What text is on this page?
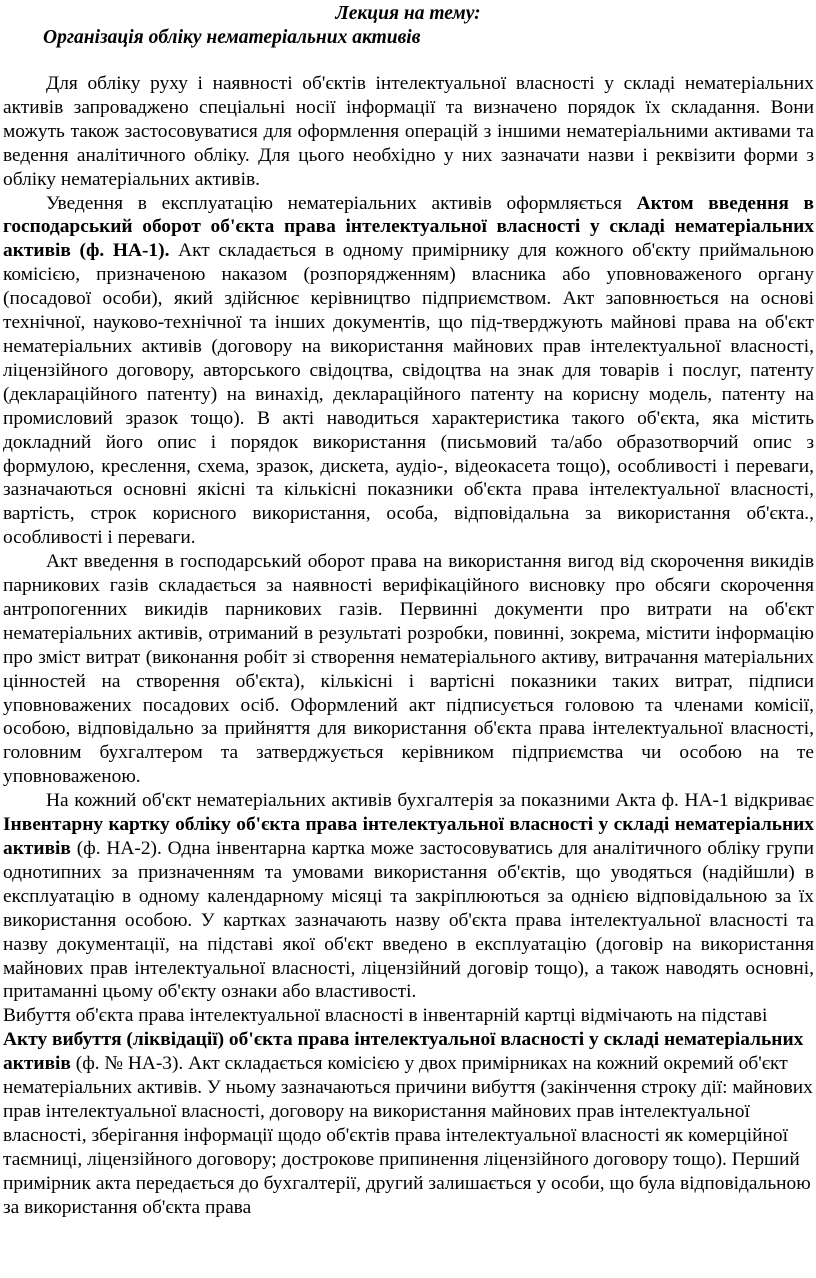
Лекция на тему:
Організація обліку нематеріальних активів

Для обліку руху і наявності об'єктів інтелектуальної власності у складі нематеріальних активів запроваджено спеціальні носії інформації та визначено порядок їх складання. Вони можуть також застосовуватися для оформлення операцій з іншими нематеріальними активами та ведення аналітичного обліку. Для цього необхідно у них зазначати назви і реквізити форми з обліку нематеріальних активів.

Уведення в експлуатацію нематеріальних активів оформляється Актом введення в господарський оборот об'єкта права інтелектуальної власності у складі нематеріальних активів (ф. НА-1). Акт складається в одному примірнику для кожного об'єкту приймальною комісією, призначеною наказом (розпорядженням) власника або уповноваженого органу (посадової особи), який здійснює керівництво підприємством. Акт заповнюється на основі технічної, науково-технічної та інших документів, що під-тверджують майнові права на об'єкт нематеріальних активів (договору на використання майнових прав інтелектуальної власності, ліцензійного договору, авторського свідоцтва, свідоцтва на знак для товарів і послуг, патенту (деклараційного патенту) на винахід, деклараційного патенту на корисну модель, патенту на промисловий зразок тощо). В акті наводиться характеристика такого об'єкта, яка містить докладний його опис і порядок використання (письмовий та/або образотворчий опис з формулою, креслення, схема, зразок, дискета, аудіо-, відеокасета тощо), особливості і переваги, зазначаються основні якісні та кількісні показники об'єкта права інтелектуальної власності, вартість, строк корисного використання, особа, відповідальна за використання об'єкта., особливості і переваги.

Акт введення в господарський оборот права на використання вигод від скорочення викидів парникових газів складається за наявності верифікаційного висновку про обсяги скорочення антропогенних викидів парникових газів. Первинні документи про витрати на об'єкт нематеріальних активів, отриманий в результаті розробки, повинні, зокрема, містити інформацію про зміст витрат (виконання робіт зі створення нематеріального активу, витрачання матеріальних цінностей на створення об'єкта), кількісні і вартісні показники таких витрат, підписи уповноважених посадових осіб. Оформлений акт підписується головою та членами комісії, особою, відповідально за прийняття для використання об'єкта права інтелектуальної власності, головним бухгалтером та затверджується керівником підприємства чи особою на те уповноваженою.

На кожний об'єкт нематеріальних активів бухгалтерія за показними Акта ф. НА-1 відкриває Інвентарну картку обліку об'єкта права інтелектуальної власності у складі нематеріальних активів (ф. НА-2). Одна інвентарна картка може застосовуватись для аналітичного обліку групи однотипних за призначенням та умовами використання об'єктів, що уводяться (надійшли) в експлуатацію в одному календарному місяці та закріплюються за однією відповідальною за їх використання особою. У картках зазначають назву об'єкта права інтелектуальної власності та назву документації, на підставі якої об'єкт введено в експлуатацію (договір на використання майнових прав інтелектуальної власності, ліцензійний договір тощо), а також наводять основні, притаманні цьому об'єкту ознаки або властивості.

Вибуття об'єкта права інтелектуальної власності в інвентарній картці відмічають на підставі Акту вибуття (ліквідації) об'єкта права інтелектуальної власності у складі нематеріальних активів (ф. № НА-3). Акт складається комісією у двох примірниках на кожний окремий об'єкт нематеріальних активів. У ньому зазначаються причини вибуття (закінчення строку дії: майнових прав інтелектуальної власності, договору на використання майнових прав інтелектуальної власності, зберігання інформації щодо об'єктів права інтелектуальної власності як комерційної таємниці, ліцензійного договору; дострокове припинення ліцензійного договору тощо). Перший примірник акта передається до бухгалтерії, другий залишається у особи, що була відповідальною за використання об'єкта права
